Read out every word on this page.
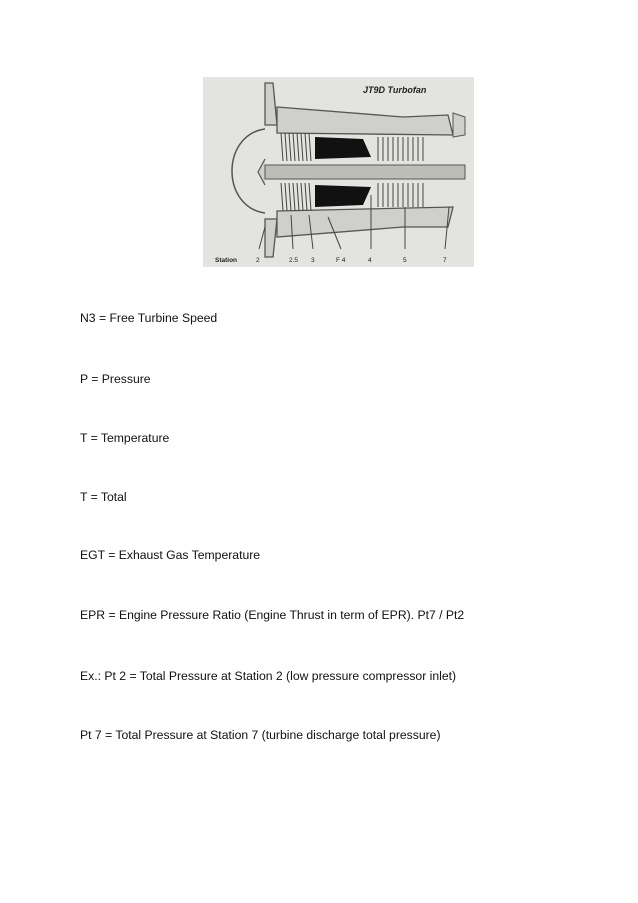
JT9D Turbofan
Station	2	2.5 3	F 4	4	5	7
N3 = Free Turbine Speed
P = Pressure
T = Temperature
T = Total
EGT = Exhaust Gas Temperature
EPR = Engine Pressure Ratio (Engine Thrust in term of EPR). Pt7 / Pt2
Ex.: Pt 2 = Total Pressure at Station 2 (low pressure compressor inlet)
Pt 7 = Total Pressure at Station 7 (turbine discharge total pressure)
